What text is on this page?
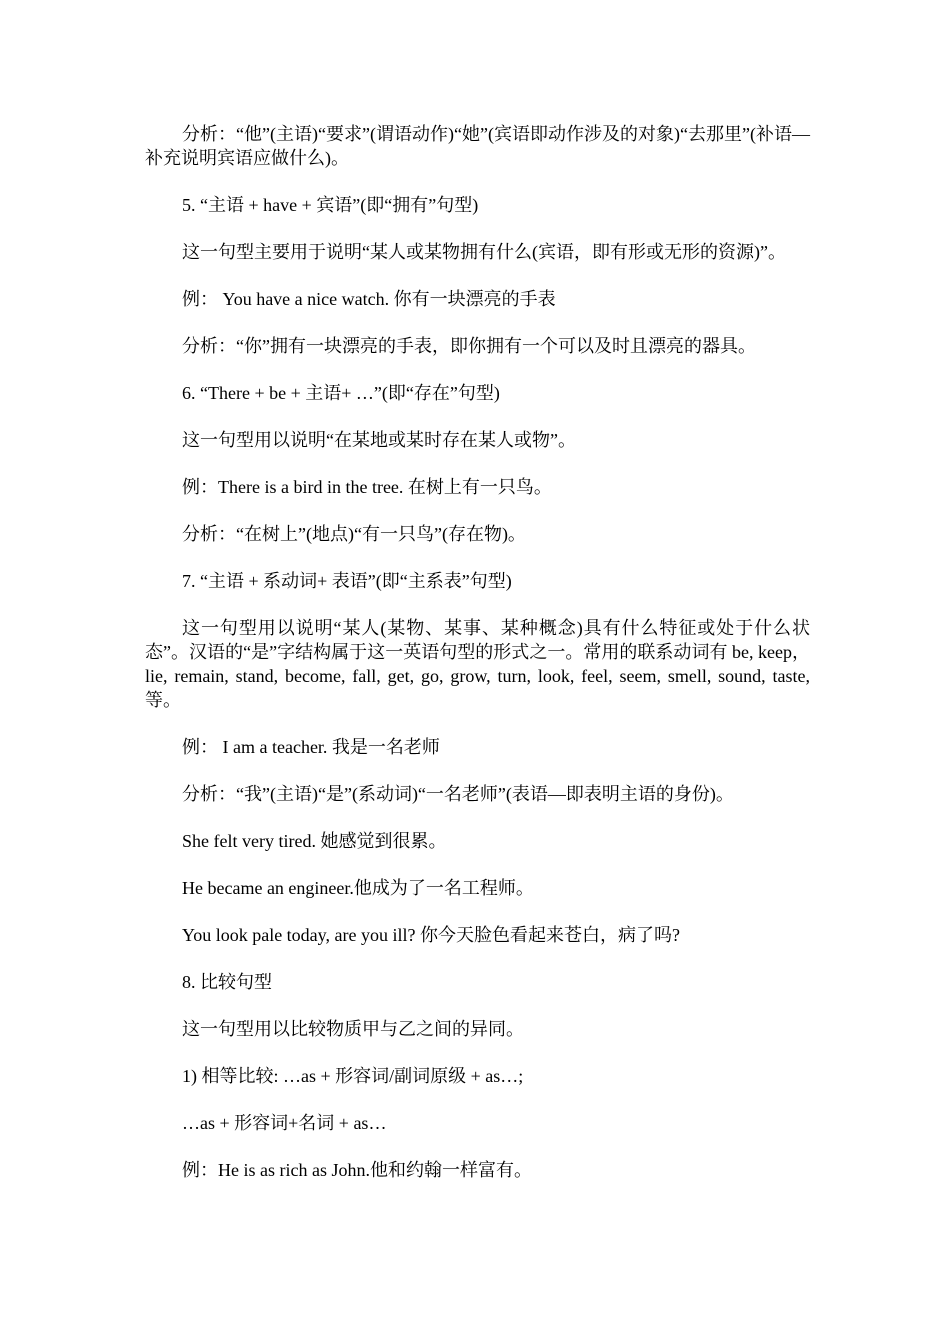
分析：“他”(主语)“要求”(谓语动作)“她”(宾语即动作涉及的对象)“去那里”(补语—补充说明宾语应做什么)。

5. “主语 + have + 宾语”(即“拥有”句型)

这一句型主要用于说明“某人或某物拥有什么(宾语，即有形或无形的资源)”。

例： You have a nice watch. 你有一块漂亮的手表

分析：“你”拥有一块漂亮的手表，即你拥有一个可以及时且漂亮的器具。

6. “There + be + 主语+ …”(即“存在”句型)

这一句型用以说明“在某地或某时存在某人或物”。

例：There is a bird in the tree. 在树上有一只鸟。

分析：“在树上”(地点)“有一只鸟”(存在物)。

7. “主语 + 系动词+ 表语”(即“主系表”句型)

这一句型用以说明“某人(某物、某事、某种概念)具有什么特征或处于什么状态”。汉语的“是”字结构属于这一英语句型的形式之一。常用的联系动词有 be, keep，lie, remain, stand, become, fall, get, go, grow, turn, look, feel, seem, smell, sound, taste, 等。

例： I am a teacher. 我是一名老师

分析：“我”(主语)“是”(系动词)“一名老师”(表语—即表明主语的身份)。

She felt very tired. 她感觉到很累。

He became an engineer.他成为了一名工程师。

You look pale today, are you ill? 你今天脸色看起来苍白，病了吗?

8. 比较句型

这一句型用以比较物质甲与乙之间的异同。

1) 相等比较: …as + 形容词/副词原级 + as…;

…as + 形容词+名词 + as…

例：He is as rich as John.他和约翰一样富有。
